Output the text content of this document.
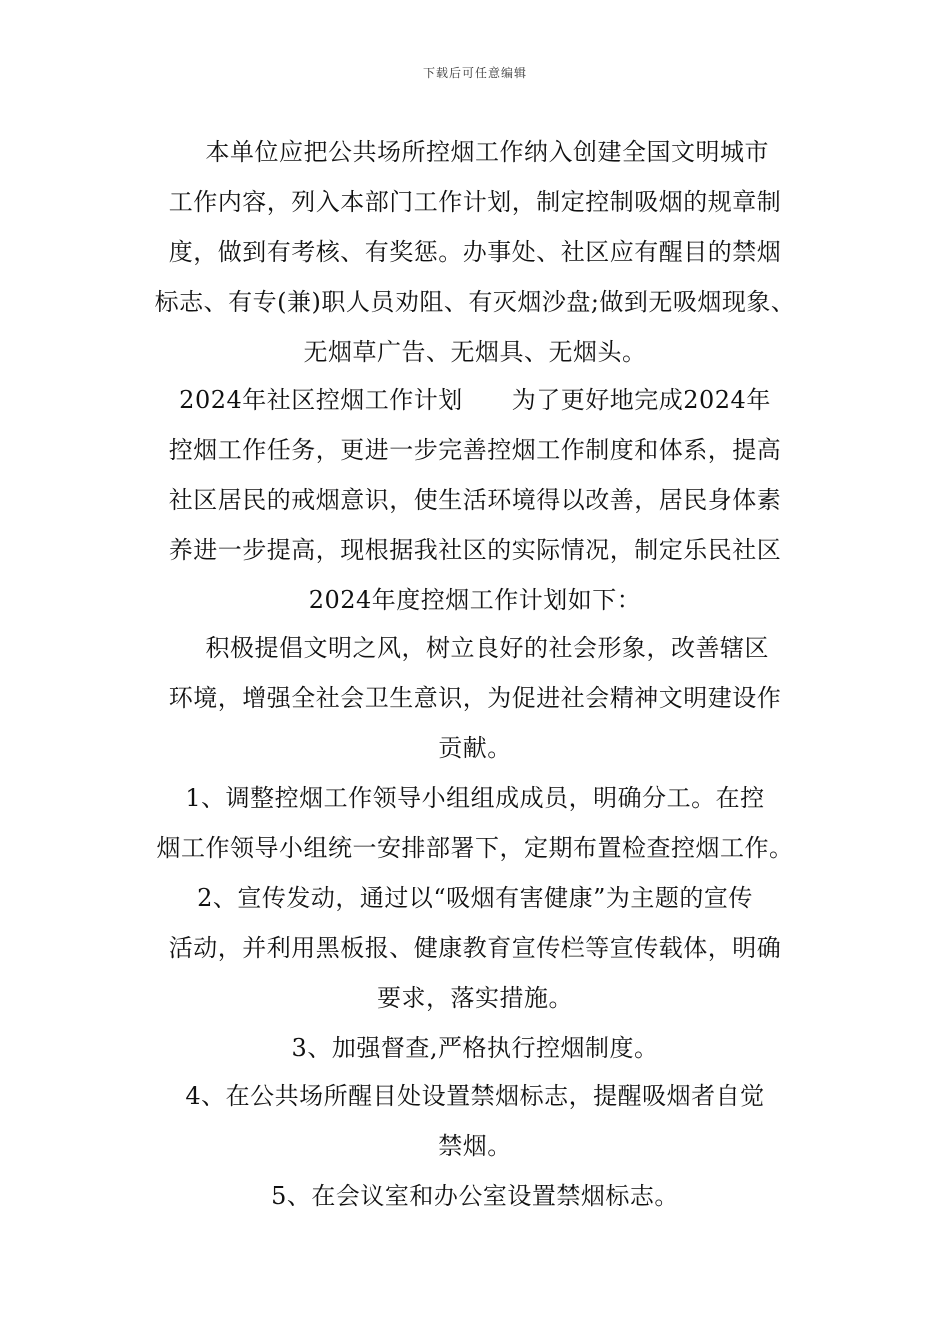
下载后可任意编辑
　本单位应把公共场所控烟工作纳入创建全国文明城市
工作内容，列入本部门工作计划，制定控制吸烟的规章制
度，做到有考核、有奖惩。办事处、社区应有醒目的禁烟
标志、有专(兼)职人员劝阻、有灭烟沙盘;做到无吸烟现象、
无烟草广告、无烟具、无烟头。
2024年社区控烟工作计划　　为了更好地完成2024年
控烟工作任务，更进一步完善控烟工作制度和体系，提高
社区居民的戒烟意识，使生活环境得以改善，居民身体素
养进一步提高，现根据我社区的实际情况，制定乐民社区
2024年度控烟工作计划如下：
　积极提倡文明之风，树立良好的社会形象，改善辖区
环境，增强全社会卫生意识，为促进社会精神文明建设作
贡献。
1、调整控烟工作领导小组组成成员，明确分工。在控
烟工作领导小组统一安排部署下，定期布置检查控烟工作。
2、宣传发动，通过以“吸烟有害健康”为主题的宣传
活动，并利用黑板报、健康教育宣传栏等宣传载体，明确
要求，落实措施。
3、加强督查,严格执行控烟制度。
4、在公共场所醒目处设置禁烟标志，提醒吸烟者自觉
禁烟。
5、在会议室和办公室设置禁烟标志。
